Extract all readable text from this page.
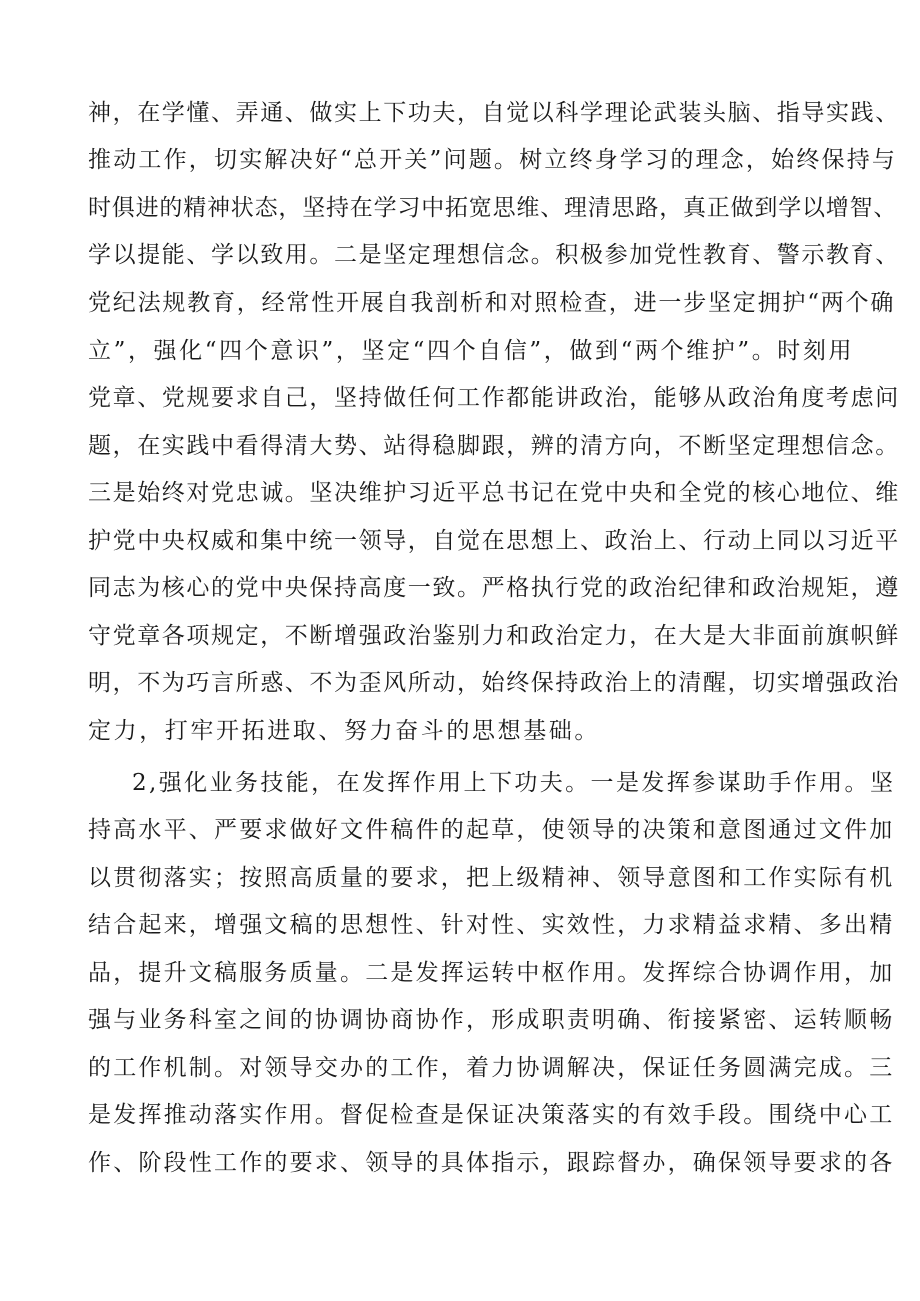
神，在学懂、弄通、做实上下功夫，自觉以科学理论武装头脑、指导实践、
推动工作，切实解决好“总开关”问题。树立终身学习的理念，始终保持与
时俱进的精神状态，坚持在学习中拓宽思维、理清思路，真正做到学以增智、
学以提能、学以致用。二是坚定理想信念。积极参加党性教育、警示教育、
党纪法规教育，经常性开展自我剖析和对照检查，进一步坚定拥护“两个确
立”，强化“四个意识”，坚定“四个自信”，做到“两个维护”。时刻用
党章、党规要求自己，坚持做任何工作都能讲政治，能够从政治角度考虑问
题，在实践中看得清大势、站得稳脚跟，辨的清方向，不断坚定理想信念。
三是始终对党忠诚。坚决维护习近平总书记在党中央和全党的核心地位、维
护党中央权威和集中统一领导，自觉在思想上、政治上、行动上同以习近平
同志为核心的党中央保持高度一致。严格执行党的政治纪律和政治规矩，遵
守党章各项规定，不断增强政治鉴别力和政治定力，在大是大非面前旗帜鲜
明，不为巧言所惑、不为歪风所动，始终保持政治上的清醒，切实增强政治
定力，打牢开拓进取、努力奋斗的思想基础。
2,强化业务技能，在发挥作用上下功夫。一是发挥参谋助手作用。坚
持高水平、严要求做好文件稿件的起草，使领导的决策和意图通过文件加
以贯彻落实；按照高质量的要求，把上级精神、领导意图和工作实际有机
结合起来，增强文稿的思想性、针对性、实效性，力求精益求精、多出精
品，提升文稿服务质量。二是发挥运转中枢作用。发挥综合协调作用，加
强与业务科室之间的协调协商协作，形成职责明确、衔接紧密、运转顺畅
的工作机制。对领导交办的工作，着力协调解决，保证任务圆满完成。三
是发挥推动落实作用。督促检查是保证决策落实的有效手段。围绕中心工
作、阶段性工作的要求、领导的具体指示，跟踪督办，确保领导要求的各
